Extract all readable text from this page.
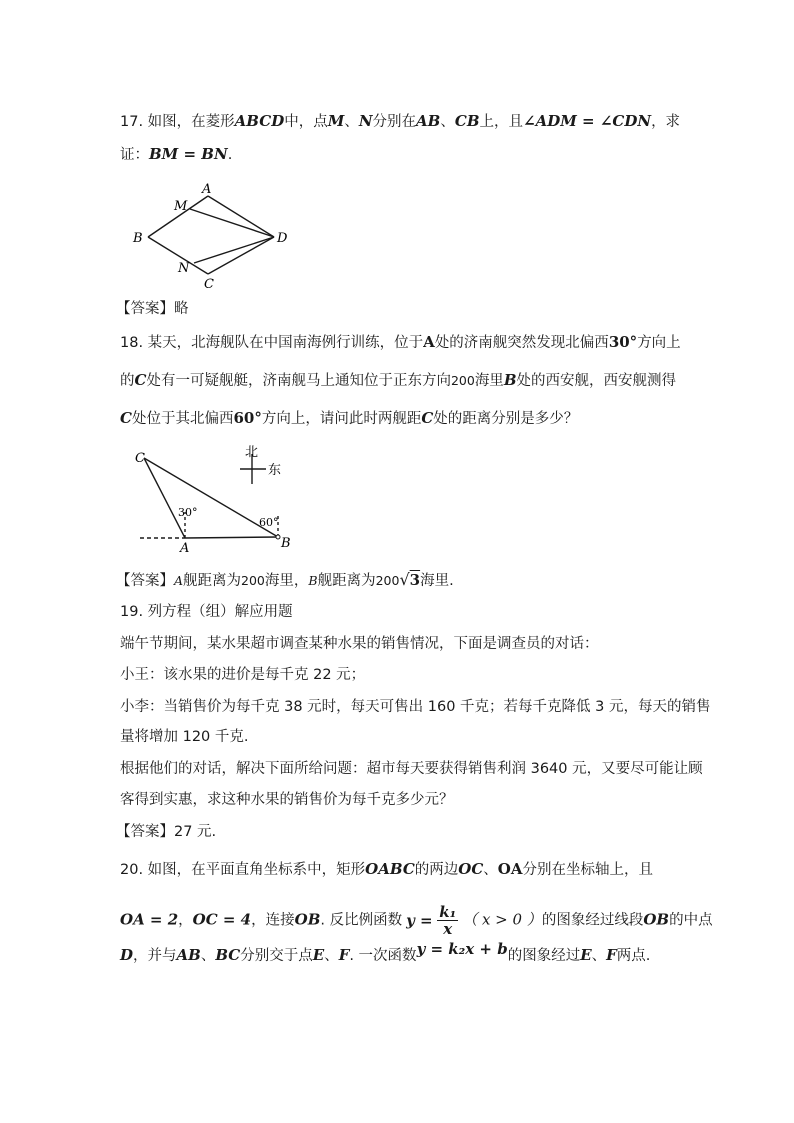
17. 如图，在菱形ABCD中，点M、N分别在AB、CB上，且∠ADM = ∠CDN，求
证：BM = BN.
A
M
B	D
N
C
【答案】略
18. 某天，北海舰队在中国南海例行训练，位于A处的济南舰突然发现北偏西30°方向上
的C处有一可疑舰艇，济南舰马上通知位于正东方向200海里B处的西安舰，西安舰测得
C处位于其北偏西60°方向上，请问此时两舰距C处的距离分别是多少？
北
东
C
A	B
30°
60°
【答案】A舰距离为200海里，B舰距离为200√3海里.
19. 列方程（组）解应用题
端午节期间，某水果超市调查某种水果的销售情况，下面是调查员的对话：
小王：该水果的进价是每千克 22 元；
小李：当销售价为每千克 38 元时，每天可售出 160 千克；若每千克降低 3 元，每天的销售
量将增加 120 千克.
根据他们的对话，解决下面所给问题：超市每天要获得销售利润 3640 元，又要尽可能让顾
客得到实惠，求这种水果的销售价为每千克多少元？
【答案】27 元.
20. 如图，在平面直角坐标系中，矩形OABC的两边OC、OA分别在坐标轴上，且
OA = 2，OC = 4，连接OB. 反比例函数 $y = \frac{\text{k₁}}{x}$ （ x > 0 ）的图象经过线段OB的中点
D，并与AB、BC分别交于点E、F. 一次函数y = k₂x + b的图象经过E、F两点.
